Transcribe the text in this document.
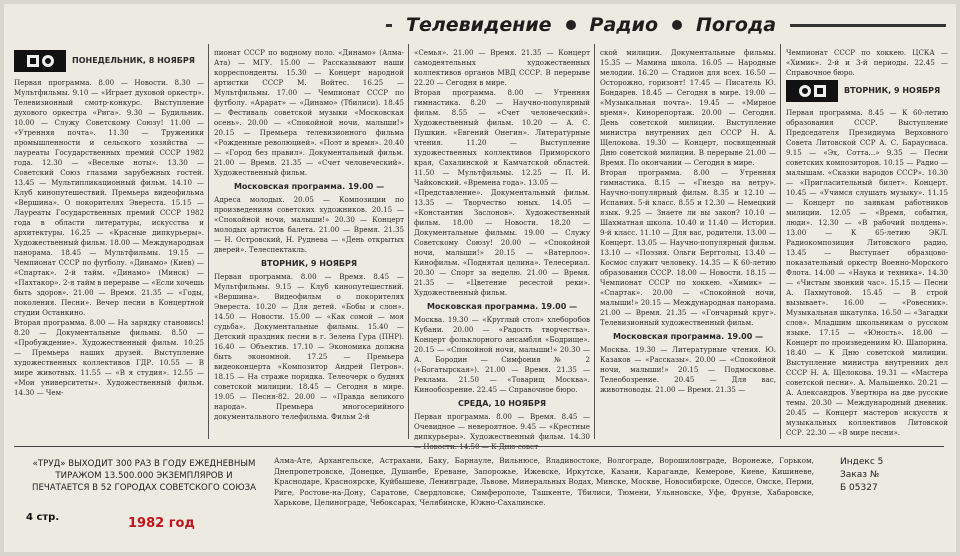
Телевидение Радио Погода
ПОНЕДЕЛЬНИК, 8 НОЯБРЯ

Первая программа. 8.00 — Новости. 8.30 — Мультфильмы. 9.10 — «Играет духовой оркестр». Телевизионный смотр-конкурс. Выступление духового оркестра «Рига». 9.30 — Будильник. 10.00 — Служу Советскому Союзу! 11.00 — «Утренняя почта». 11.30 — Труженики промышленности и сельского хозяйства — лауреаты Государственных премий СССР 1982 года. 12.30 — «Веселые ноты». 13.30 — Советский Союз глазами зарубежных гостей. 13.45 — Мультипликационный фильм. 14.10 — Клуб кинопутешествий. Премьера видеофильма «Вершина». О покорителях Эвереста. 15.15 — Лауреаты Государственных премий СССР 1982 года в области литературы, искусства и архитектуры. 16.25 — «Красные дипкурьеры». Художественный фильм. 18.00 — Международная панорама. 18.45 — Мультфильмы. 19.15 — Чемпионат СССР по футболу. «Динамо» (Киев) — «Спартак». 2-й тайм. «Динамо» (Минск) — «Пахтакор». 2-я тайм в перерыве — «Если хочешь быть здоров». 21.00 — Время. 21.35 — «Годы, поколения. Песни». Вечер песни в Концертной студии Останкино.

Вторая программа. 8.00 — На зарядку становись! 8.20 — Документальные фильмы. 8.50 — «Пробуждение». Художественный фильм. 10.25 — Премьера наших друзей. Выступление художественных коллективов ГДР. 10.55 — В мире животных. 11.55 — «В я студия». 12.55 — «Мои университеты». Художественный фильм. 14.30 — Чем-

пионат СССР по водному поло. «Динамо» (Алма-Ата) — МГУ. 15.00 — Рассказывают наши корреспонденты. 15.30 — Концерт народной артистки СССР М. Войтес. 16.25 — Мультфильмы. 17.00 — Чемпионат СССР по футболу. «Арарат» — «Динамо» (Тбилиси). 18.45 — Фестиваль советской музыки «Московская осень». 20.00 — «Спокойной ночи, малыши!» 20.15 — Премьера телевизионного фильма «Рожденные революцией». «Поэт и время». 20.40 — «Город без правил». Документальный фильм. 21.00 — Время. 21.35 — «Счет человеческий». Художественный фильм.

Московская программа. 19.00 —

Адреса молодых. 20.05 — Композиции по произведениям советских художников. 20.15 — «Спокойной ночи, малыши!» 20.30 — Концерт молодых артистов балета. 21.00 — Время. 21.35 — Н. Островский, Н. Руднева — «День открытых дверей». Телеспектакль.

ВТОРНИК, 9 НОЯБРЯ

Первая программа. 8.00 — Время. 8.45 — Мультфильмы. 9.15 — Клуб кинопутешествий. «Вершина». Видеофильм о покорителях Эвереста. 10.20 — Для детей. «Бобы и слон». 14.50 — Новости. 15.00 — «Как сомой — моя судьба». Документальные фильмы. 15.40 — Детский праздник песни в г. Зелена Гура (ПНР). 16.40 — Объектив. 17.10 — Экономика должна быть экономной. 17.25 — Премьера видеоконцерта «Композитор Андрей Петров». 18.15 — На страже порядка. Телеочерк о буднях советской милиции. 18.45 — Сегодня в мире. 19.05 — Песня-82. 20.00 — «Правда великого народа». Премьера многосерийного документального телефильма. Фильм 2-й

«Семья». 21.00 — Время. 21.35 — Концерт самодеятельных художественных коллективов органов МВД СССР. В перерыве 22.20 — Сегодня в мире.

Вторая программа. 8.00 — Утренняя гимнастика. 8.20 — Научно-популярный фильм. 8.55 — «Счет человеческий». Художественный фильм. 10.20 — А. С. Пушкин. «Евгений Онегин». Литературные чтения. 11.20 — Выступление художественных коллективов Приморского края, Сахалинской и Камчатской областей. 11.50 — Мультфильмы. 12.25 — П. И. Чайковский. «Времена года». 13.05 —

«Представление». Документальный фильм. 13.35 — Творчество юных. 14.05 — «Константин Заслонов». Художественный фильм. 18.00 — Новости. 18.20 — Документальные фильмы. 19.00 — Служу Советскому Союзу! 20.00 — «Спокойной ночи, малыши!» 20.15 — «Ватерлоо». Кинофильм. «Поднятая целина». Телесериал. 20.30 — Спорт за неделю. 21.00 — Время. 21.35 — «Цветение ресестой реки». Художественный фильм.

Московская программа. 19.00 —

Москва. 19.30 — «Круглый стол» хлеборобов Кубани. 20.00 — «Радость творчества». Концерт фольклорного ансамбля «Бодрище». 20.15 — «Спокойной ночи, малыши!» 20.30 — А. Бородин — Симфония № 2 («Богатырская»). 21.00 — Время. 21.35 — Реклама. 21.50 — «Товарищ Москва». Кинообозрение. 22.45 — Справочное бюро.

СРЕДА, 10 НОЯБРЯ

Первая программа. 8.00 — Время. 8.45 — Очевидное — невероятное. 9.45 — «Крестные дипкурьеры». Художественный фильм. 14.30

ской милиции. Документальные фильмы. 15.35 — Мамина школа. 16.05 — Народные мелодии. 16.20 — Стадион для всех. 16.50 — Осторожно, горизонт! 17.45 — Писатель Ю. Бондарев. 18.45 — Сегодня в мире. 19.00 — «Музыкальная почта». 19.45 — «Мирное время». Кинорепортаж. 20.00 — Сегодня. День советской милиции. Выступление министра внутренних дел СССР Н. А. Щелокова. 19.30 — Концерт, посвященный Дню советской милиции. В перерыве 21.00 — Время. По окончании — Сегодня в мире.

Вторая программа. 8.00 — Утренняя гимнастика. 8.15 — «Гнездо на ветру». Научно-популярный фильм. 8.35 и 12.10 — Испания. 5-й класс. 8.55 и 12.30 — Немецкий язык. 9.25 — Знаете ли вы закон? 10.10 — Шахматная школа. 10.40 и 11.40 — История. 9-й класс. 11.10 — Для вас, родители. 13.00 — Концерт. 13.05 — Научно-популярный фильм. 13.10 — «Поэзия. Ольги Берггольц. 13.40 — Космос служит человеку. 14.35 — К 60-летию образования СССР. 18.00 — Новости. 18.15 — Чемпионат СССР по хоккею. «Химик» — «Спартак». 20.00 — «Спокойной ночи, малыши!» 20.15 — Международная панорама. 21.00 — Время. 21.35 — «Гончарный круг». Телевизионный художественный фильм.

Московская программа. 19.00 —

Москва. 19.30 — Литературные чтения. Ю. Казаков — «Рассказы». 20.00 — «Спокойной ночи, малыши!» 20.15 — Подмосковье. Телеобозрение. 20.45 — Для вас, животноводы. 21.00 — Время. 21.35 —

Чемпионат СССР по хоккею. ЦСКА — «Химик». 2-й и 3-й периоды. 22.45 — Справочное бюро.

ВТОРНИК, 9 НОЯБРЯ

Первая программа. 8.45 — К 60-летию образования СССР. Выступление Председателя Президиума Верховного Совета Литовской ССР А. С. Барауснаса. 9.15 — «Эх, Сотта...» 9.35 — Песни советских композиторов. 10.15 — Радио — малышам. «Сказки народов СССР». 10.30 — «Пригласительный билет». Концерт. 10.45 — «Учимся слушать музыку». 11.15 — Концерт по заявкам работников милиции. 12.05 — «Время, события, люди». 12.30 — «В рабочий полдень». 13.00 — К 65-летию ЭКЛ. Радиокомпозиция Литовского радио. 13.45 — Выступает образцово-показательный оркестр Военно-Морского Флота. 14.00 — «Наука и техника». 14.30 — «Чистым звонкий час». 15.15 — Песни А. Пахмутовой. 15.45 — В строй вызывает». 16.00 — «Ровесник». Музыкальная шкатулка. 16.50 — «Загадки слов». Младшим школьникам о русском языке. 17.15 — «Юность». 18.00 — Концерт по произведениям Ю. Шапорина. 18.40 — К Дню советской милиции. Выступление министра внутренних дел СССР Н. А. Щелокова. 19.31 — «Мастера советской песни». А. Мальшенко. 20.21 — А. Александров. Увертюра на две русские темы. 20.30 — Международный дневник. 20.45 — Концерт мастеров искусств и музыкальных коллективов Литовской ССР. 22.30 — «В мире песни».

«ТРУД» ВЫХОДИТ 300 РАЗ В ГОДУ ЕЖЕДНЕВНЫМ ТИРАЖОМ 13.500.000 ЭКЗЕМПЛЯРОВ И ПЕЧАТАЕТСЯ В 52 ГОРОДАХ СОВЕТСКОГО СОЮЗА
Алма-Ате, Архангельске, Астрахани, Баку, Барнауле, Вильнюсе, Владивостоке, Волгограде, Ворошиловграде, Воронеже, Горьком, Днепропетровске, Донецке, Душанбе, Ереване, Запорожье, Ижевске, Иркутске, Казани, Караганде, Кемерове, Киеве, Кишиневе, Краснодаре, Красноярске, Куйбышеве, Ленинграде, Львове, Минеральных Водах, Минске, Москве, Новосибирске, Одессе, Омске, Перми, Риге, Ростове-на-Дону, Саратове, Свердловске, Симферополе, Ташкенте, Тбилиси, Тюмени, Ульяновске, Уфе, Фрунзе, Хабаровске, Харькове, Целинограде, Чебоксарах, Челябинске, Южно-Сахалинске.
Индекс 5
Заказ №
Б 05327
4 стр.	1982 год
